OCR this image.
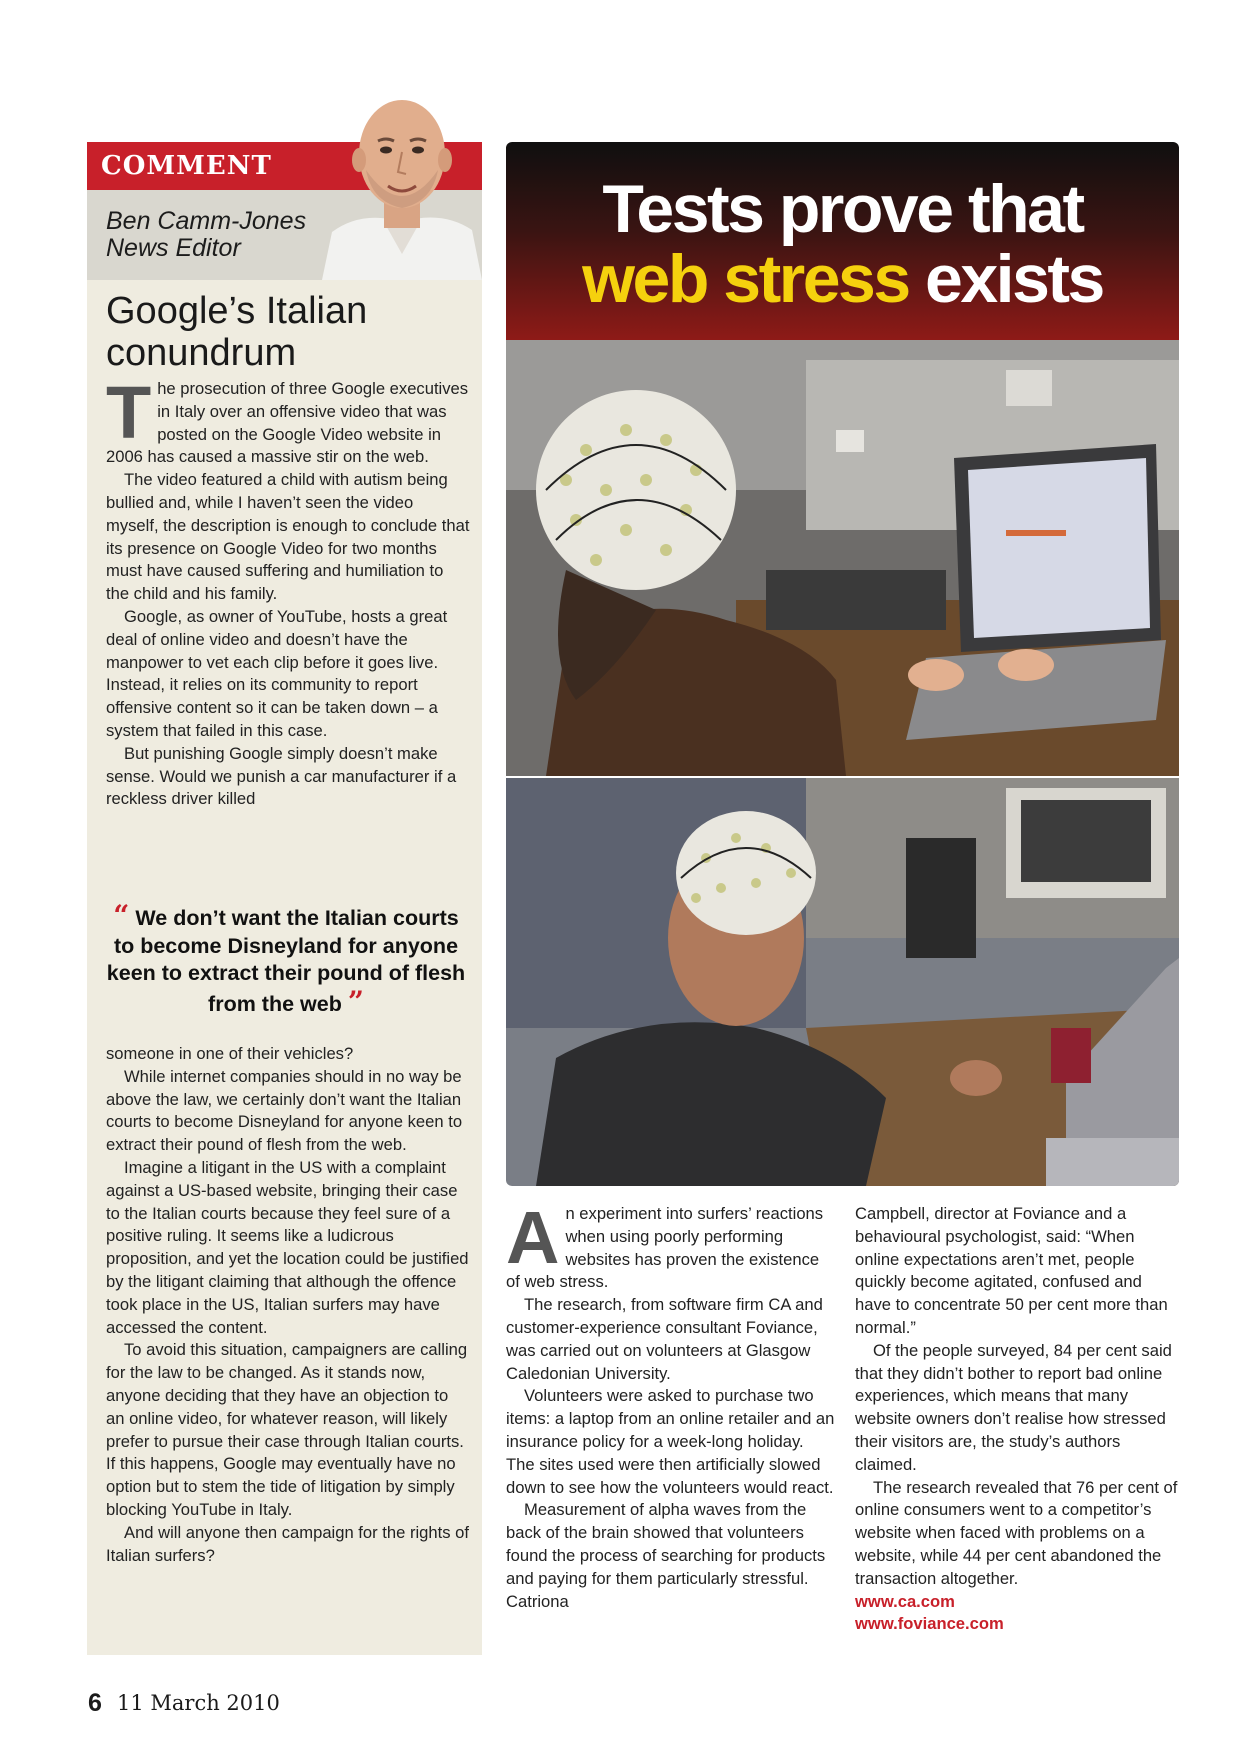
COMMENT
Ben Camm-Jones
News Editor
Google’s Italian conundrum

The prosecution of three Google executives in Italy over an offensive video that was posted on the Google Video website in 2006 has caused a massive stir on the web.

The video featured a child with autism being bullied and, while I haven’t seen the video myself, the description is enough to conclude that its presence on Google Video for two months must have caused suffering and humiliation to the child and his family.

Google, as owner of YouTube, hosts a great deal of online video and doesn’t have the manpower to vet each clip before it goes live. Instead, it relies on its community to report offensive content so it can be taken down – a system that failed in this case.

But punishing Google simply doesn’t make sense. Would we punish a car manufacturer if a reckless driver killed

“ We don’t want the Italian courts to become Disneyland for anyone keen to extract their pound of flesh from the web ”

someone in one of their vehicles?

While internet companies should in no way be above the law, we certainly don’t want the Italian courts to become Disneyland for anyone keen to extract their pound of flesh from the web.

Imagine a litigant in the US with a complaint against a US-based website, bringing their case to the Italian courts because they feel sure of a positive ruling. It seems like a ludicrous proposition, and yet the location could be justified by the litigant claiming that although the offence took place in the US, Italian surfers may have accessed the content.

To avoid this situation, campaigners are calling for the law to be changed. As it stands now, anyone deciding that they have an objection to an online video, for whatever reason, will likely prefer to pursue their case through Italian courts. If this happens, Google may eventually have no option but to stem the tide of litigation by simply blocking YouTube in Italy.

And will anyone then campaign for the rights of Italian surfers?

Tests prove that
web stress exists

An experiment into surfers’ reactions when using poorly performing websites has proven the existence of web stress.

The research, from software firm CA and customer-experience consultant Foviance, was carried out on volunteers at Glasgow Caledonian University.

Volunteers were asked to purchase two items: a laptop from an online retailer and an insurance policy for a week-long holiday. The sites used were then artificially slowed down to see how the volunteers would react.

Measurement of alpha waves from the back of the brain showed that volunteers found the process of searching for products and paying for them particularly stressful. Catriona

Campbell, director at Foviance and a behavioural psychologist, said: “When online expectations aren’t met, people quickly become agitated, confused and have to concentrate 50 per cent more than normal.”

Of the people surveyed, 84 per cent said that they didn’t bother to report bad online experiences, which means that many website owners don’t realise how stressed their visitors are, the study’s authors claimed.

The research revealed that 76 per cent of online consumers went to a competitor’s website when faced with problems on a website, while 44 per cent abandoned the transaction altogether.

www.ca.com
www.foviance.com
6 11 March 2010
